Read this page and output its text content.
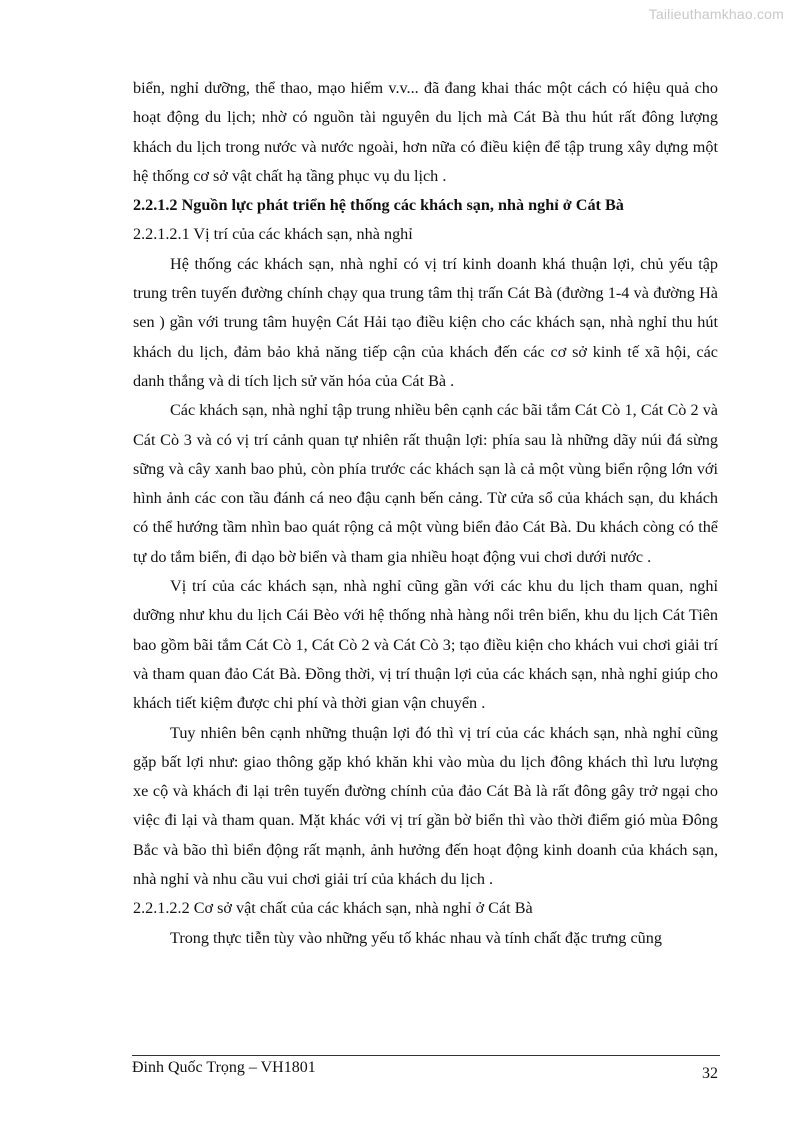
Tailieuthamkhao.com

biển, nghỉ dưỡng, thể thao, mạo hiểm v.v... đã đang khai thác một cách có hiệu quả cho hoạt động du lịch; nhờ có nguồn tài nguyên du lịch mà Cát Bà thu hút rất đông lượng khách du lịch trong nước và nước ngoài, hơn nữa có điều kiện để tập trung xây dựng một hệ thống cơ sở vật chất hạ tầng phục vụ du lịch .

2.2.1.2 Nguồn lực phát triển hệ thống các khách sạn, nhà nghỉ ở Cát Bà

2.2.1.2.1 Vị trí của các khách sạn, nhà nghỉ

Hệ thống các khách sạn, nhà nghỉ có vị trí kinh doanh khá thuận lợi, chủ yếu tập trung trên tuyến đường chính chạy qua trung tâm thị trấn Cát Bà (đường 1-4 và đường Hà sen ) gần với trung tâm huyện Cát Hải tạo điều kiện cho các khách sạn, nhà nghỉ thu hút khách du lịch, đảm bảo khả năng tiếp cận của khách đến các cơ sở kinh tế xã hội, các danh thắng và di tích lịch sử văn hóa của Cát Bà .

Các khách sạn, nhà nghỉ tập trung nhiều bên cạnh các bãi tắm Cát Cò 1, Cát Cò 2 và Cát Cò 3 và có vị trí cảnh quan tự nhiên rất thuận lợi: phía sau là những dãy núi đá sừng sững và cây xanh bao phủ, còn phía trước các khách sạn là cả một vùng biển rộng lớn với hình ảnh các con tầu đánh cá neo đậu cạnh bến cảng. Từ cửa sổ của khách sạn, du khách có thể hướng tầm nhìn bao quát rộng cả một vùng biển đảo Cát Bà. Du khách còng có thể tự do tắm biển, đi dạo bờ biển và tham gia nhiều hoạt động vui chơi dưới nước .

Vị trí của các khách sạn, nhà nghỉ cũng gần với các khu du lịch tham quan, nghỉ dưỡng như khu du lịch Cái Bèo với hệ thống nhà hàng nổi trên biển, khu du lịch Cát Tiên bao gồm bãi tắm Cát Cò 1, Cát Cò 2 và Cát Cò 3; tạo điều kiện cho khách vui chơi giải trí và tham quan đảo Cát Bà. Đồng thời, vị trí thuận lợi của các khách sạn, nhà nghỉ giúp cho khách tiết kiệm được chi phí và thời gian vận chuyển .

Tuy nhiên bên cạnh những thuận lợi đó thì vị trí của các khách sạn, nhà nghỉ cũng gặp bất lợi như: giao thông gặp khó khăn khi vào mùa du lịch đông khách thì lưu lượng xe cộ và khách đi lại trên tuyến đường chính của đảo Cát Bà là rất đông gây trở ngại cho việc đi lại và tham quan. Mặt khác với vị trí gần bờ biển thì vào thời điểm gió mùa Đông Bắc và bão thì biển động rất mạnh, ảnh hưởng đến hoạt động kinh doanh của khách sạn, nhà nghỉ và nhu cầu vui chơi giải trí của khách du lịch .

2.2.1.2.2 Cơ sở vật chất của các khách sạn, nhà nghỉ ở Cát Bà

Trong thực tiễn tùy vào những yếu tố khác nhau và tính chất đặc trưng cũng

Đinh Quốc Trọng – VH1801	32
